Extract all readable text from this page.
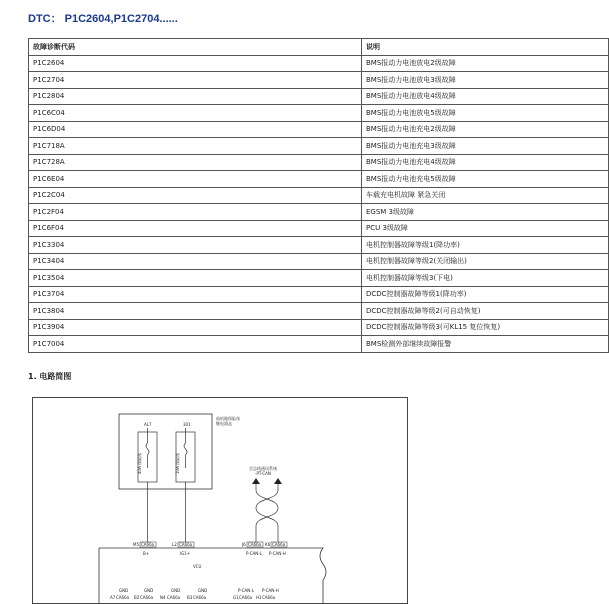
DTC： P1C2604,P1C2704......
故障诊断代码	说明
P1C2604	BMS报动力电池放电2级故障
P1C2704	BMS报动力电池放电3级故障
P1C2804	BMS报动力电池放电4级故障
P1C6C04	BMS报动力电池放电5级故障
P1C6D04	BMS报动力电池充电2级故障
P1C718A	BMS报动力电池充电3级故障
P1C728A	BMS报动力电池充电4级故障
P1C6E04	BMS报动力电池充电5级故障
P1C2C04	车载充电机故障 紧急关闭
P1C2F04	EGSM 3级故障
P1C6F04	PCU 3级故障
P1C3304	电机控制器故障等级1(降功率)
P1C3404	电机控制器故障等级2(关闭输出)
P1C3504	电机控制器故障等级3(下电)
P1C3704	DCDC控制器故障等级1(降功率)
P1C3804	DCDC控制器故障等级2(可自动恢复)
P1C3904	DCDC控制器故障等级3(可KL15 复位恢复)
P1C7004	BMS检测外部继续故障报警
1. 电路简图
前机舱保险丝
继电器盒
AL7
40A 保险丝
301
10A 保险丝	至总线通讯系统
-PT-CAN
M5 CA66a
B+
L2 CA66a
IG1+
J6 CA66a
P-CAN-L
K6 CA66a
P-CAN-H
VCU
GND	GND	GND	GND	P-CAN-L P-CAN-H
A7 CA66a B2 CA66a N4 CA66a B3 CA66a	G1 CA66a H1 CA66a
